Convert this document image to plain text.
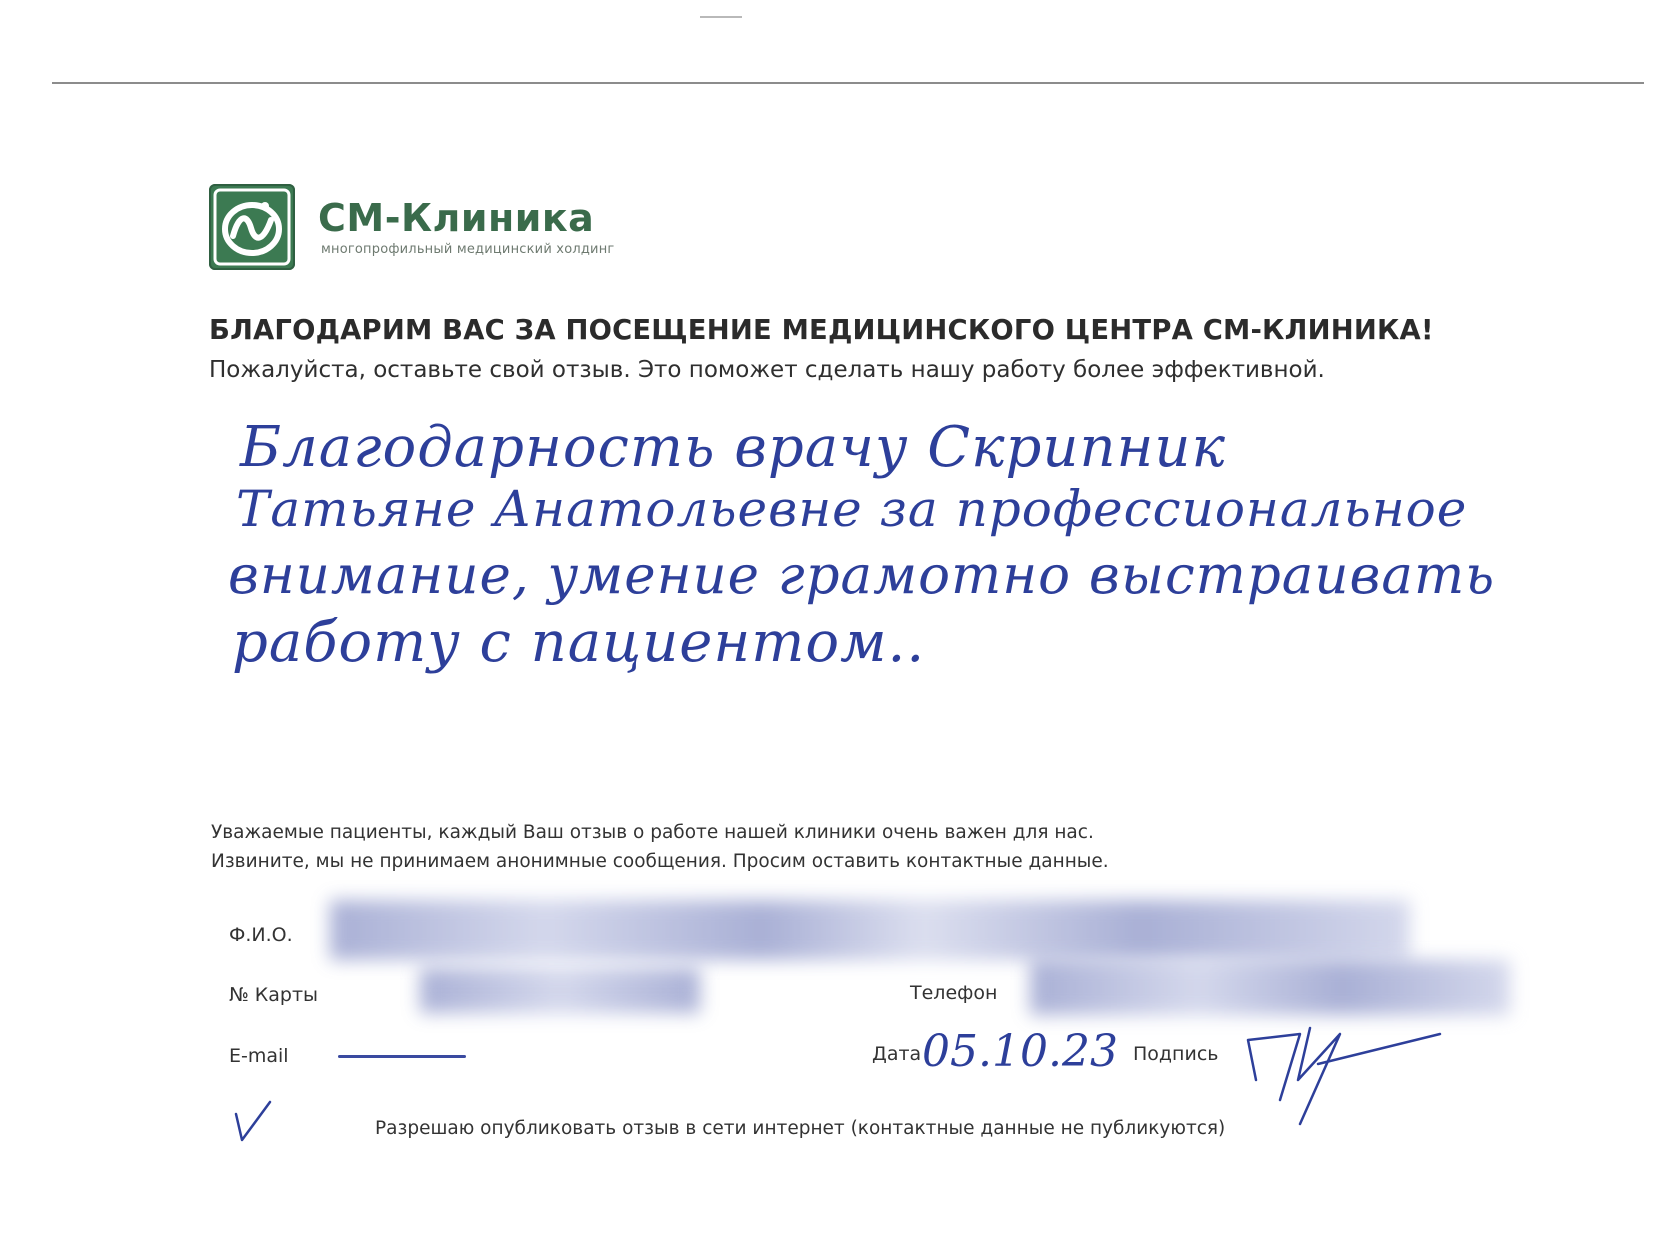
СМ-Клиника
многопрофильный медицинский холдинг
БЛАГОДАРИМ ВАС ЗА ПОСЕЩЕНИЕ МЕДИЦИНСКОГО ЦЕНТРА СМ-КЛИНИКА!
Пожалуйста, оставьте свой отзыв. Это поможет сделать нашу работу более эффективной.
Благодарность врачу Скрипник
Татьяне Анатольевне за профессиональное
внимание, умение грамотно выстраивать
работу с пациентом..
Уважаемые пациенты, каждый Ваш отзыв о работе нашей клиники очень важен для нас.
Извините, мы не принимаем анонимные сообщения. Просим оставить контактные данные.
Ф.И.О.
№ Карты	Телефон
E-mail	Дата 05.10.23 Подпись
Разрешаю опубликовать отзыв в сети интернет (контактные данные не публикуются)
